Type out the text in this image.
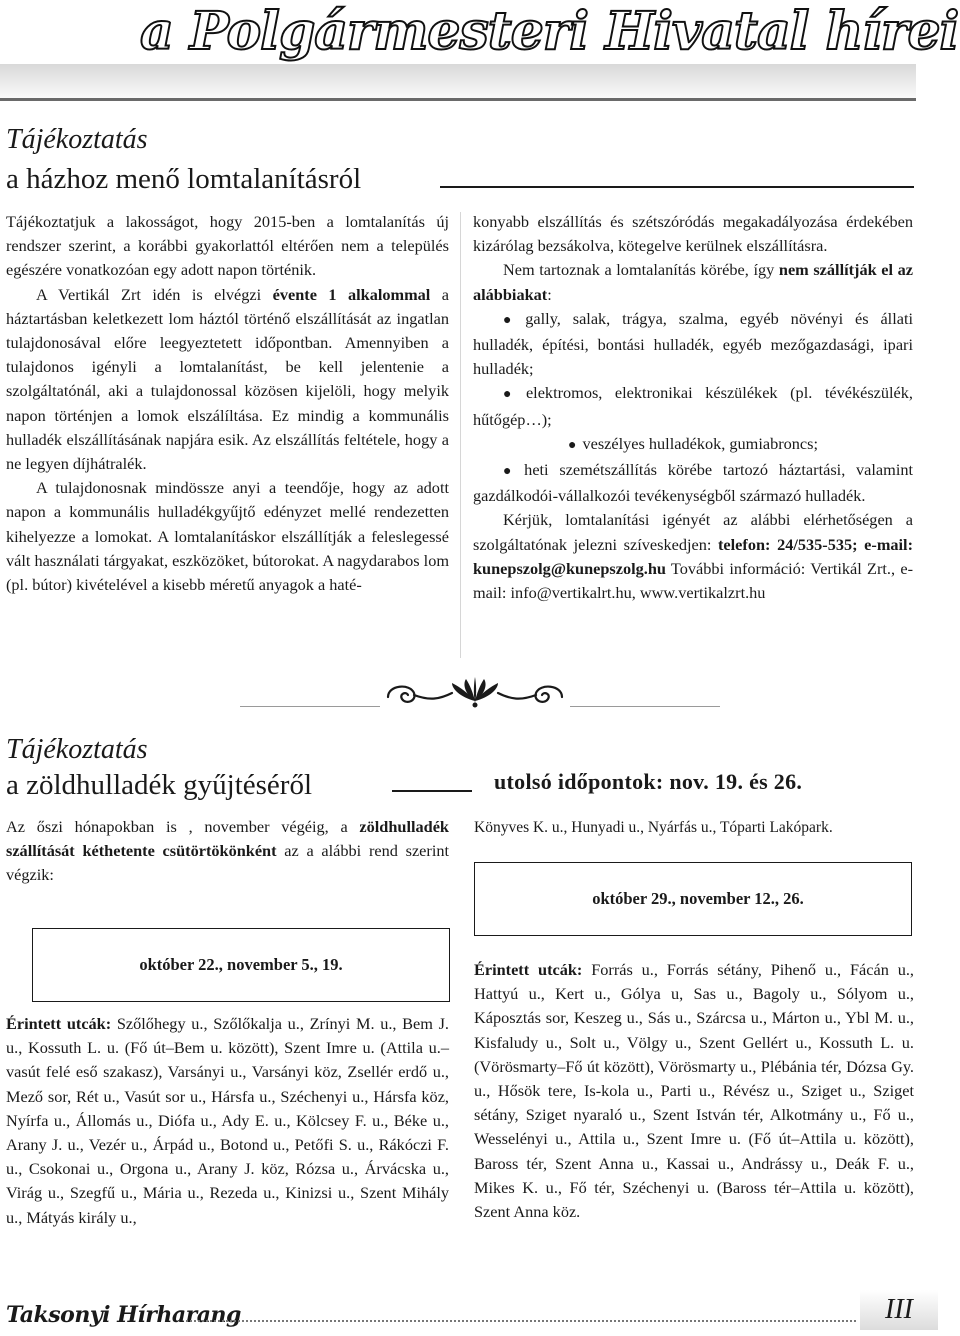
a Polgármesteri Hivatal hírei
Tájékoztatás
a házhoz menő lomtalanításról

Tájékoztatjuk a lakosságot, hogy 2015-ben a lomtalanítás új rendszer szerint, a korábbi gyakorlattól eltérően nem a település egészére vonatkozóan egy adott napon történik.

A Vertikál Zrt idén is elvégzi évente 1 alkalommal a háztartásban keletkezett lom háztól történő elszállítását az ingatlan tulajdonosával előre leegyeztetett időpontban. Amennyiben a tulajdonos igényli a lomtalanítást, be kell jelentenie a szolgáltatónál, aki a tulajdonossal közösen kijelöli, hogy melyik napon történjen a lomok elszálíltása. Ez mindig a kommunális hulladék elszállításának napjára esik. Az elszállítás feltétele, hogy a ne legyen díjhátralék.

A tulajdonosnak mindössze anyi a teendője, hogy az adott napon a kommunális hulladékgyűjtő edényzet mellé rendezetten kihelyezze a lomokat. A lomtalanításkor elszállítják a feleslegessé vált használati tárgyakat, eszközöket, bútorokat. A nagydarabos lom (pl. bútor) kivételével a kisebb méretű anyagok a haté-

konyabb elszállítás és szétszóródás megakadályozása érdekében kizárólag bezsákolva, kötegelve kerülnek elszállításra.

Nem tartoznak a lomtalanítás körébe, így nem szállítják el az alábbiakat:

● gally, salak, trágya, szalma, egyéb növényi és állati hulladék, építési, bontási hulladék, egyéb mezőgazdasági, ipari hulladék;
● elektromos, elektronikai készülékek (pl. tévékészülék, hűtőgép…);
● veszélyes hulladékok, gumiabroncs;
● heti szemétszállítás körébe tartozó háztartási, valamint gazdálkodói-vállalkozói tevékenységből származó hulladék.

Kérjük, lomtalanítási igényét az alábbi elérhetőségen a szolgáltatónak jelezni szíveskedjen: telefon: 24/535-535; e-mail: kunepszolg@kunepszolg.hu További információ: Vertikál Zrt., e-mail: info@vertikalrt.hu, www.vertikalzrt.hu

Tájékoztatás
a zöldhulladék gyűjtéséről	utolsó időpontok: nov. 19. és 26.

Az őszi hónapokban is , november végéig, a zöldhulladék szállítását kéthetente csütörtökönként az a alábbi rend szerint végzik:

Könyves K. u., Hunyadi u., Nyárfás u., Tóparti Lakópark.
október 29., november 12., 26.
október 22., november 5., 19.

Érintett utcák: Szőlőhegy u., Szőlőkalja u., Zrínyi M. u., Bem J. u., Kossuth L. u. (Fő út–Bem u. között), Szent Imre u. (Attila u.–vasút felé eső szakasz), Varsányi u., Varsányi köz, Zsellér erdő u., Mező sor, Rét u., Vasút sor u., Hársfa u., Széchenyi u., Hársfa köz, Nyírfa u., Állomás u., Diófa u., Ady E. u., Kölcsey F. u., Béke u., Arany J. u., Vezér u., Árpád u., Botond u., Petőfi S. u., Rákóczi F. u., Csokonai u., Orgona u., Arany J. köz, Rózsa u., Árvácska u., Virág u., Szegfű u., Mária u., Rezeda u., Kinizsi u., Szent Mihály u., Mátyás király u.,

Érintett utcák: Forrás u., Forrás sétány, Pihenő u., Fácán u., Hattyú u., Kert u., Gólya u, Sas u., Bagoly u., Sólyom u., Káposztás sor, Keszeg u., Sás u., Szárcsa u., Márton u., Ybl M. u., Kisfaludy u., Solt u., Völgy u., Szent Gellért u., Kossuth L. u. (Vörösmarty–Fő út között), Vörösmarty u., Plébánia tér, Dózsa Gy. u., Hősök tere, Is-kola u., Parti u., Révész u., Sziget u., Sziget sétány, Sziget nyaraló u., Szent István tér, Alkotmány u., Fő u., Wesselényi u., Attila u., Szent Imre u. (Fő út–Attila u. között), Baross tér, Szent Anna u., Kassai u., Andrássy u., Deák F. u., Mikes K. u., Fő tér, Széchenyi u. (Baross tér–Attila u. között), Szent Anna köz.

Taksonyi Hírharang	III
